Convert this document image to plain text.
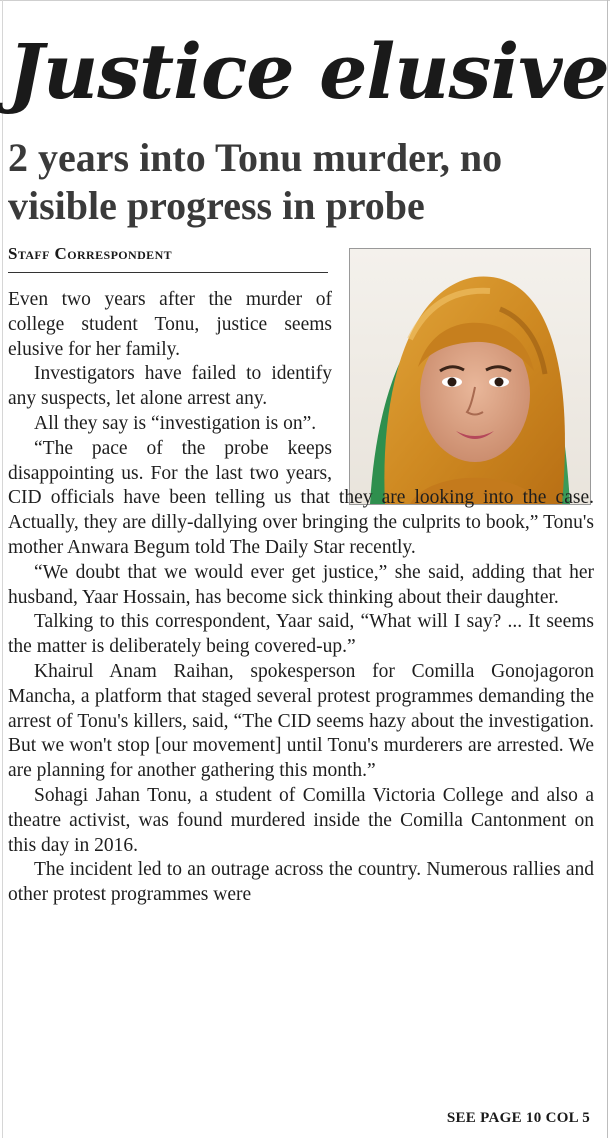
Justice elusive
2 years into Tonu murder, no visible progress in probe
Staff Correspondent

Even two years after the murder of college student Tonu, justice seems elusive for her family.

Investigators have failed to identify any suspects, let alone arrest any.

All they say is “investigation is on”.

“The pace of the probe keeps disappointing us. For the last two years, CID officials have been telling us that they are looking into the case. Actually, they are dilly-dallying over bringing the culprits to book,” Tonu's mother Anwara Begum told The Daily Star recently.

“We doubt that we would ever get justice,” she said, adding that her husband, Yaar Hossain, has become sick thinking about their daughter.

Talking to this correspondent, Yaar said, “What will I say? ... It seems the matter is deliberately being covered-up.”

Khairul Anam Raihan, spokesperson for Comilla Gonojagoron Mancha, a platform that staged several protest programmes demanding the arrest of Tonu's killers, said, “The CID seems hazy about the investigation. But we won't stop [our movement] until Tonu's murderers are arrested. We are planning for another gathering this month.”

Sohagi Jahan Tonu, a student of Comilla Victoria College and also a theatre activist, was found murdered inside the Comilla Cantonment on this day in 2016.

The incident led to an outrage across the country. Numerous rallies and other protest programmes were

SEE PAGE 10 COL 5
